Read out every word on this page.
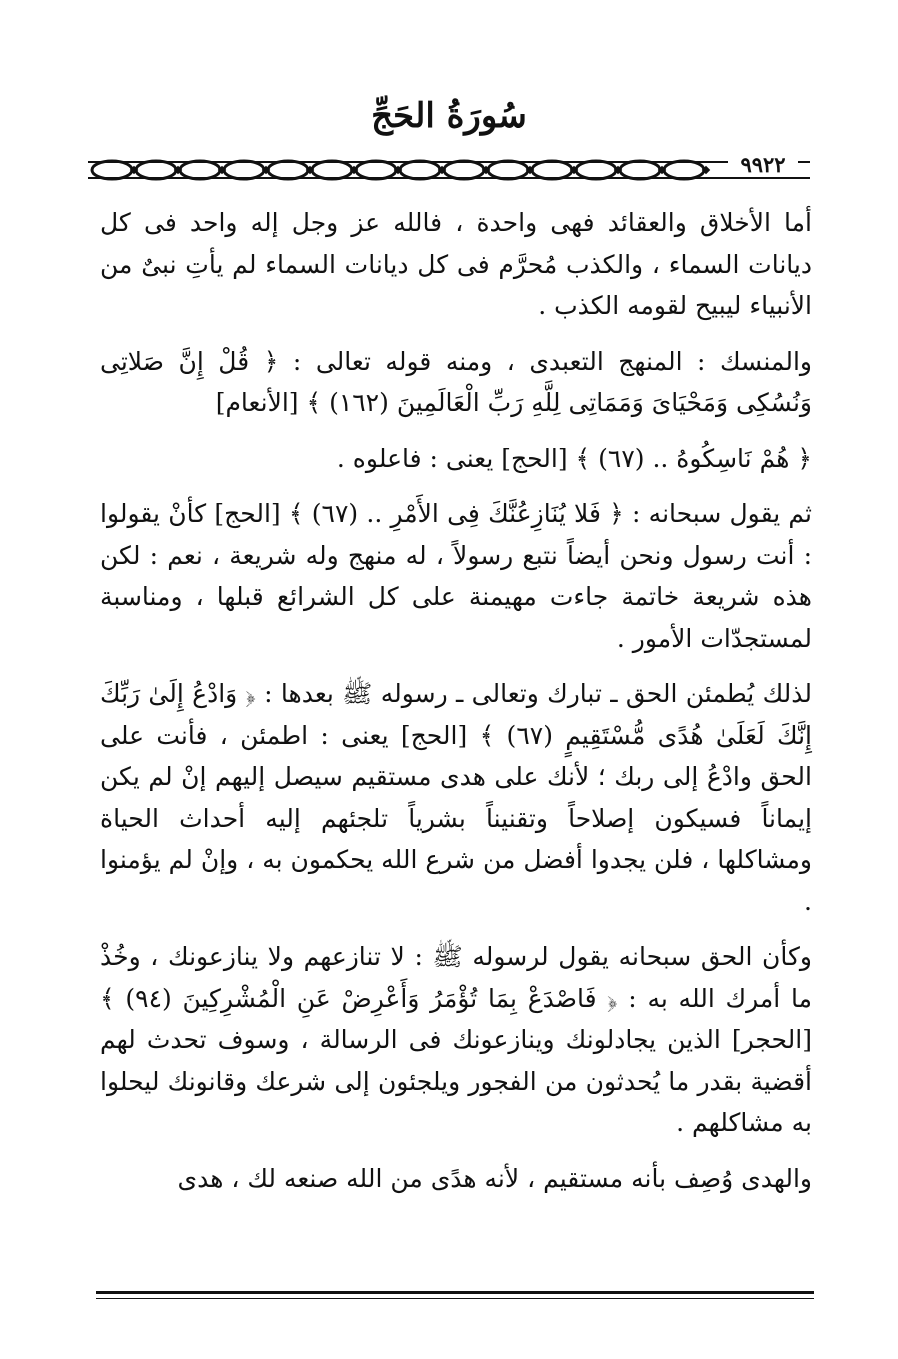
سُورَةُ الحَجِّ
٩٩٢٢

أما الأخلاق والعقائد فهى واحدة ، فالله عز وجل إله واحد فى كل ديانات السماء ، والكذب مُحرَّم فى كل ديانات السماء لم يأتِ نبىٌ من الأنبياء ليبيح لقومه الكذب .

والمنسك : المنهج التعبدى ، ومنه قوله تعالى : ﴿ قُلْ إِنَّ صَلاتِى وَنُسُكِى وَمَحْيَاىَ وَمَمَاتِى لِلَّهِ رَبِّ الْعَالَمِينَ (١٦٢) ﴾ [الأنعام]

﴿ هُمْ نَاسِكُوهُ .. (٦٧) ﴾ [الحج] يعنى : فاعلوه .

ثم يقول سبحانه : ﴿ فَلا يُنَازِعُنَّكَ فِى الأَمْرِ .. (٦٧) ﴾ [الحج] كأنْ يقولوا : أنت رسول ونحن أيضاً نتبع رسولاً ، له منهج وله شريعة ، نعم : لكن هذه شريعة خاتمة جاءت مهيمنة على كل الشرائع قبلها ، ومناسبة لمستجدّات الأمور .

لذلك يُطمئن الحق ـ تبارك وتعالى ـ رسوله ﷺ بعدها : ﴿ وَادْعُ إِلَىٰ رَبِّكَ إِنَّكَ لَعَلَىٰ هُدًى مُّسْتَقِيمٍ (٦٧) ﴾ [الحج] يعنى : اطمئن ، فأنت على الحق وادْعُ إلى ربك ؛ لأنك على هدى مستقيم سيصل إليهم إنْ لم يكن إيماناً فسيكون إصلاحاً وتقنيناً بشرياً تلجئهم إليه أحداث الحياة ومشاكلها ، فلن يجدوا أفضل من شرع الله يحكمون به ، وإنْ لم يؤمنوا .

وكأن الحق سبحانه يقول لرسوله ﷺ : لا تنازعهم ولا ينازعونك ، وخُذْ ما أمرك الله به : ﴿ فَاصْدَعْ بِمَا تُؤْمَرُ وَأَعْرِضْ عَنِ الْمُشْرِكِينَ (٩٤) ﴾ [الحجر] الذين يجادلونك وينازعونك فى الرسالة ، وسوف تحدث لهم أقضية بقدر ما يُحدثون من الفجور ويلجئون إلى شرعك وقانونك ليحلوا به مشاكلهم .

والهدى وُصِف بأنه مستقيم ، لأنه هدًى من الله صنعه لك ، هدى
